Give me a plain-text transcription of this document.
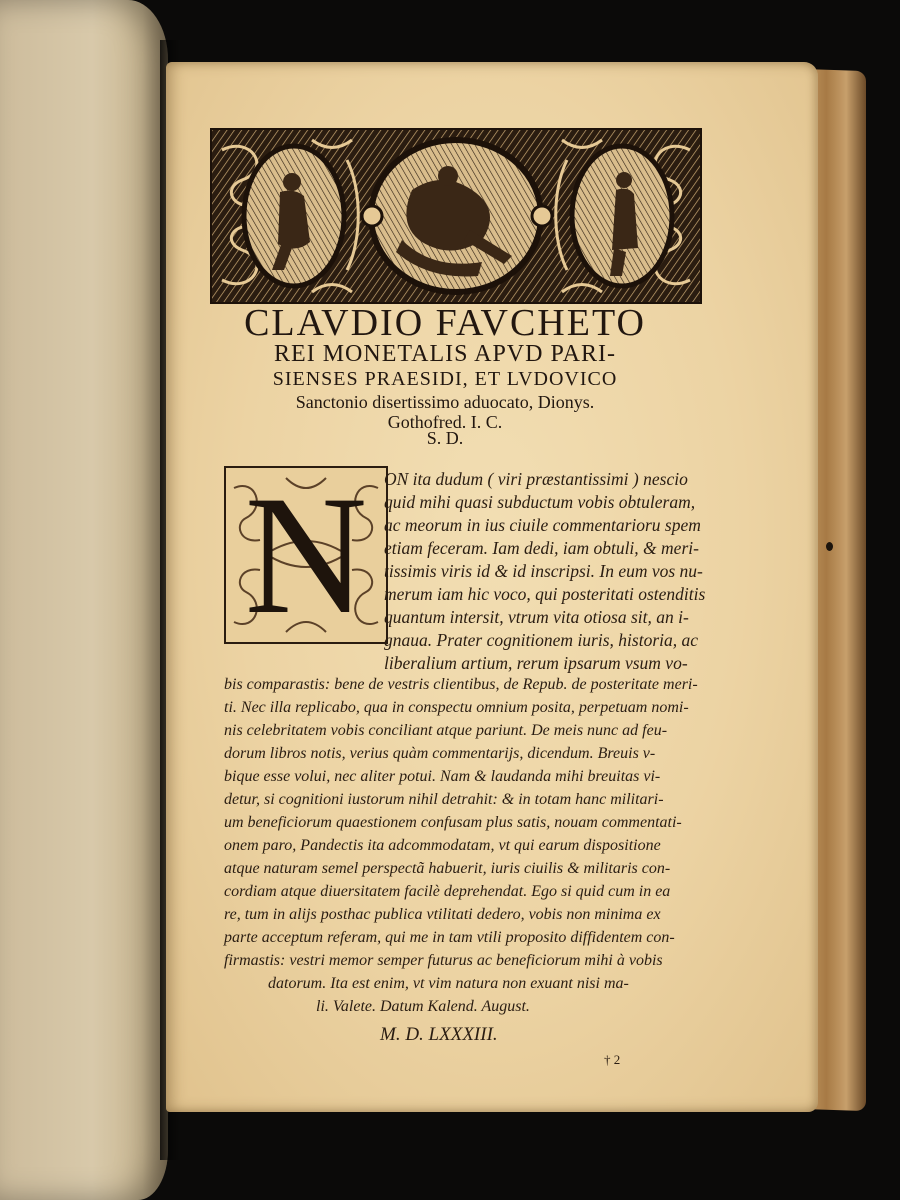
CLAVDIO FAVCHETO
REI MONETALIS APVD PARI-
SIENSES PRAESIDI, ET LVDOVICO
Sanctonio disertissimo aduocato, Dionys.
Gothofred. I. C.
S. D.
N ON ita dudum ( viri præstantissimi ) nescio
quid mihi quasi subductum vobis obtuleram,
ac meorum in ius ciuile commentarioru spem
etiam feceram. Iam dedi, iam obtuli, & meri-
tissimis viris id & id inscripsi. In eum vos nu-
merum iam hic voco, qui posteritati ostenditis
quantum intersit, vtrum vita otiosa sit, an i-
gnaua. Prater cognitionem iuris, historia, ac
liberalium artium, rerum ipsarum vsum vo-
bis comparastis: bene de vestris clientibus, de Repub. de posteritate meri-
ti. Nec illa replicabo, qua in conspectu omnium posita, perpetuam nomi-
nis celebritatem vobis conciliant atque pariunt. De meis nunc ad feu-
dorum libros notis, verius quàm commentarijs, dicendum. Breuis v-
bique esse volui, nec aliter potui. Nam & laudanda mihi breuitas vi-
detur, si cognitioni iustorum nihil detrahit: & in totam hanc militari-
um beneficiorum quaestionem confusam plus satis, nouam commentati-
onem paro, Pandectis ita adcommodatam, vt qui earum dispositione
atque naturam semel perspectã habuerit, iuris ciuilis & militaris con-
cordiam atque diuersitatem facilè deprehendat. Ego si quid cum in ea
re, tum in alijs posthac publica vtilitati dedero, vobis non minima ex
parte acceptum referam, qui me in tam vtili proposito diffidentem con-
firmastis: vestri memor semper futurus ac beneficiorum mihi à vobis
datorum. Ita est enim, vt vim natura non exuant nisi ma-
li. Valete. Datum Kalend. August.
M. D. LXXXIII.
† 2
